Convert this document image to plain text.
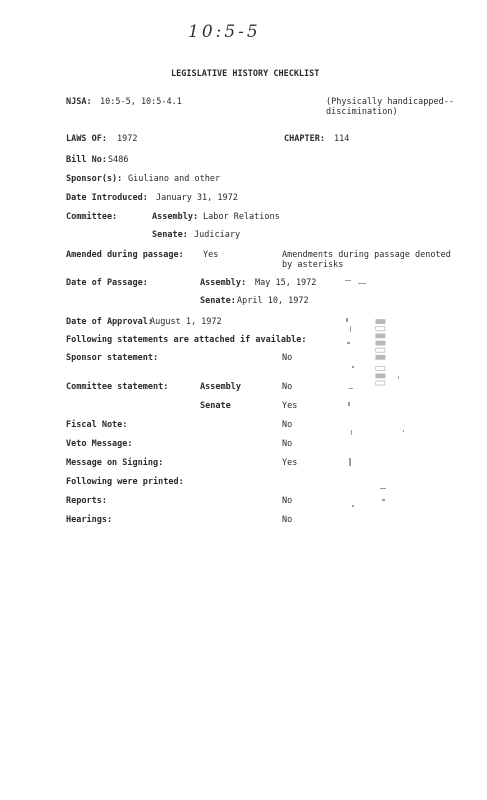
10:5-5
LEGISLATIVE HISTORY CHECKLIST
NJSA: 10:5-5, 10:5-4.1	(Physically handicapped--
discimination)
LAWS OF: 1972	CHAPTER: 114
Bill No: S486
Sponsor(s): Giuliano and other
Date Introduced: January 31, 1972
Committee:	Assembly: Labor Relations
Senate: Judiciary
Amended during passage: Yes	Amendments during passage denoted
by asterisks
Date of Passage:	Assembly: May 15, 1972
Senate: April 10, 1972
Date of Approval:
August 1, 1972
Following statements are attached if available:
Sponsor statement:	No
Committee statement:	Assembly	No
Senate	Yes
Fiscal Note:	No
Veto Message:	No
Message on Signing:	Yes
Following were printed:
Reports:	No
Hearings:	No
▮▯▮▮▯▮ ▯▮▯
